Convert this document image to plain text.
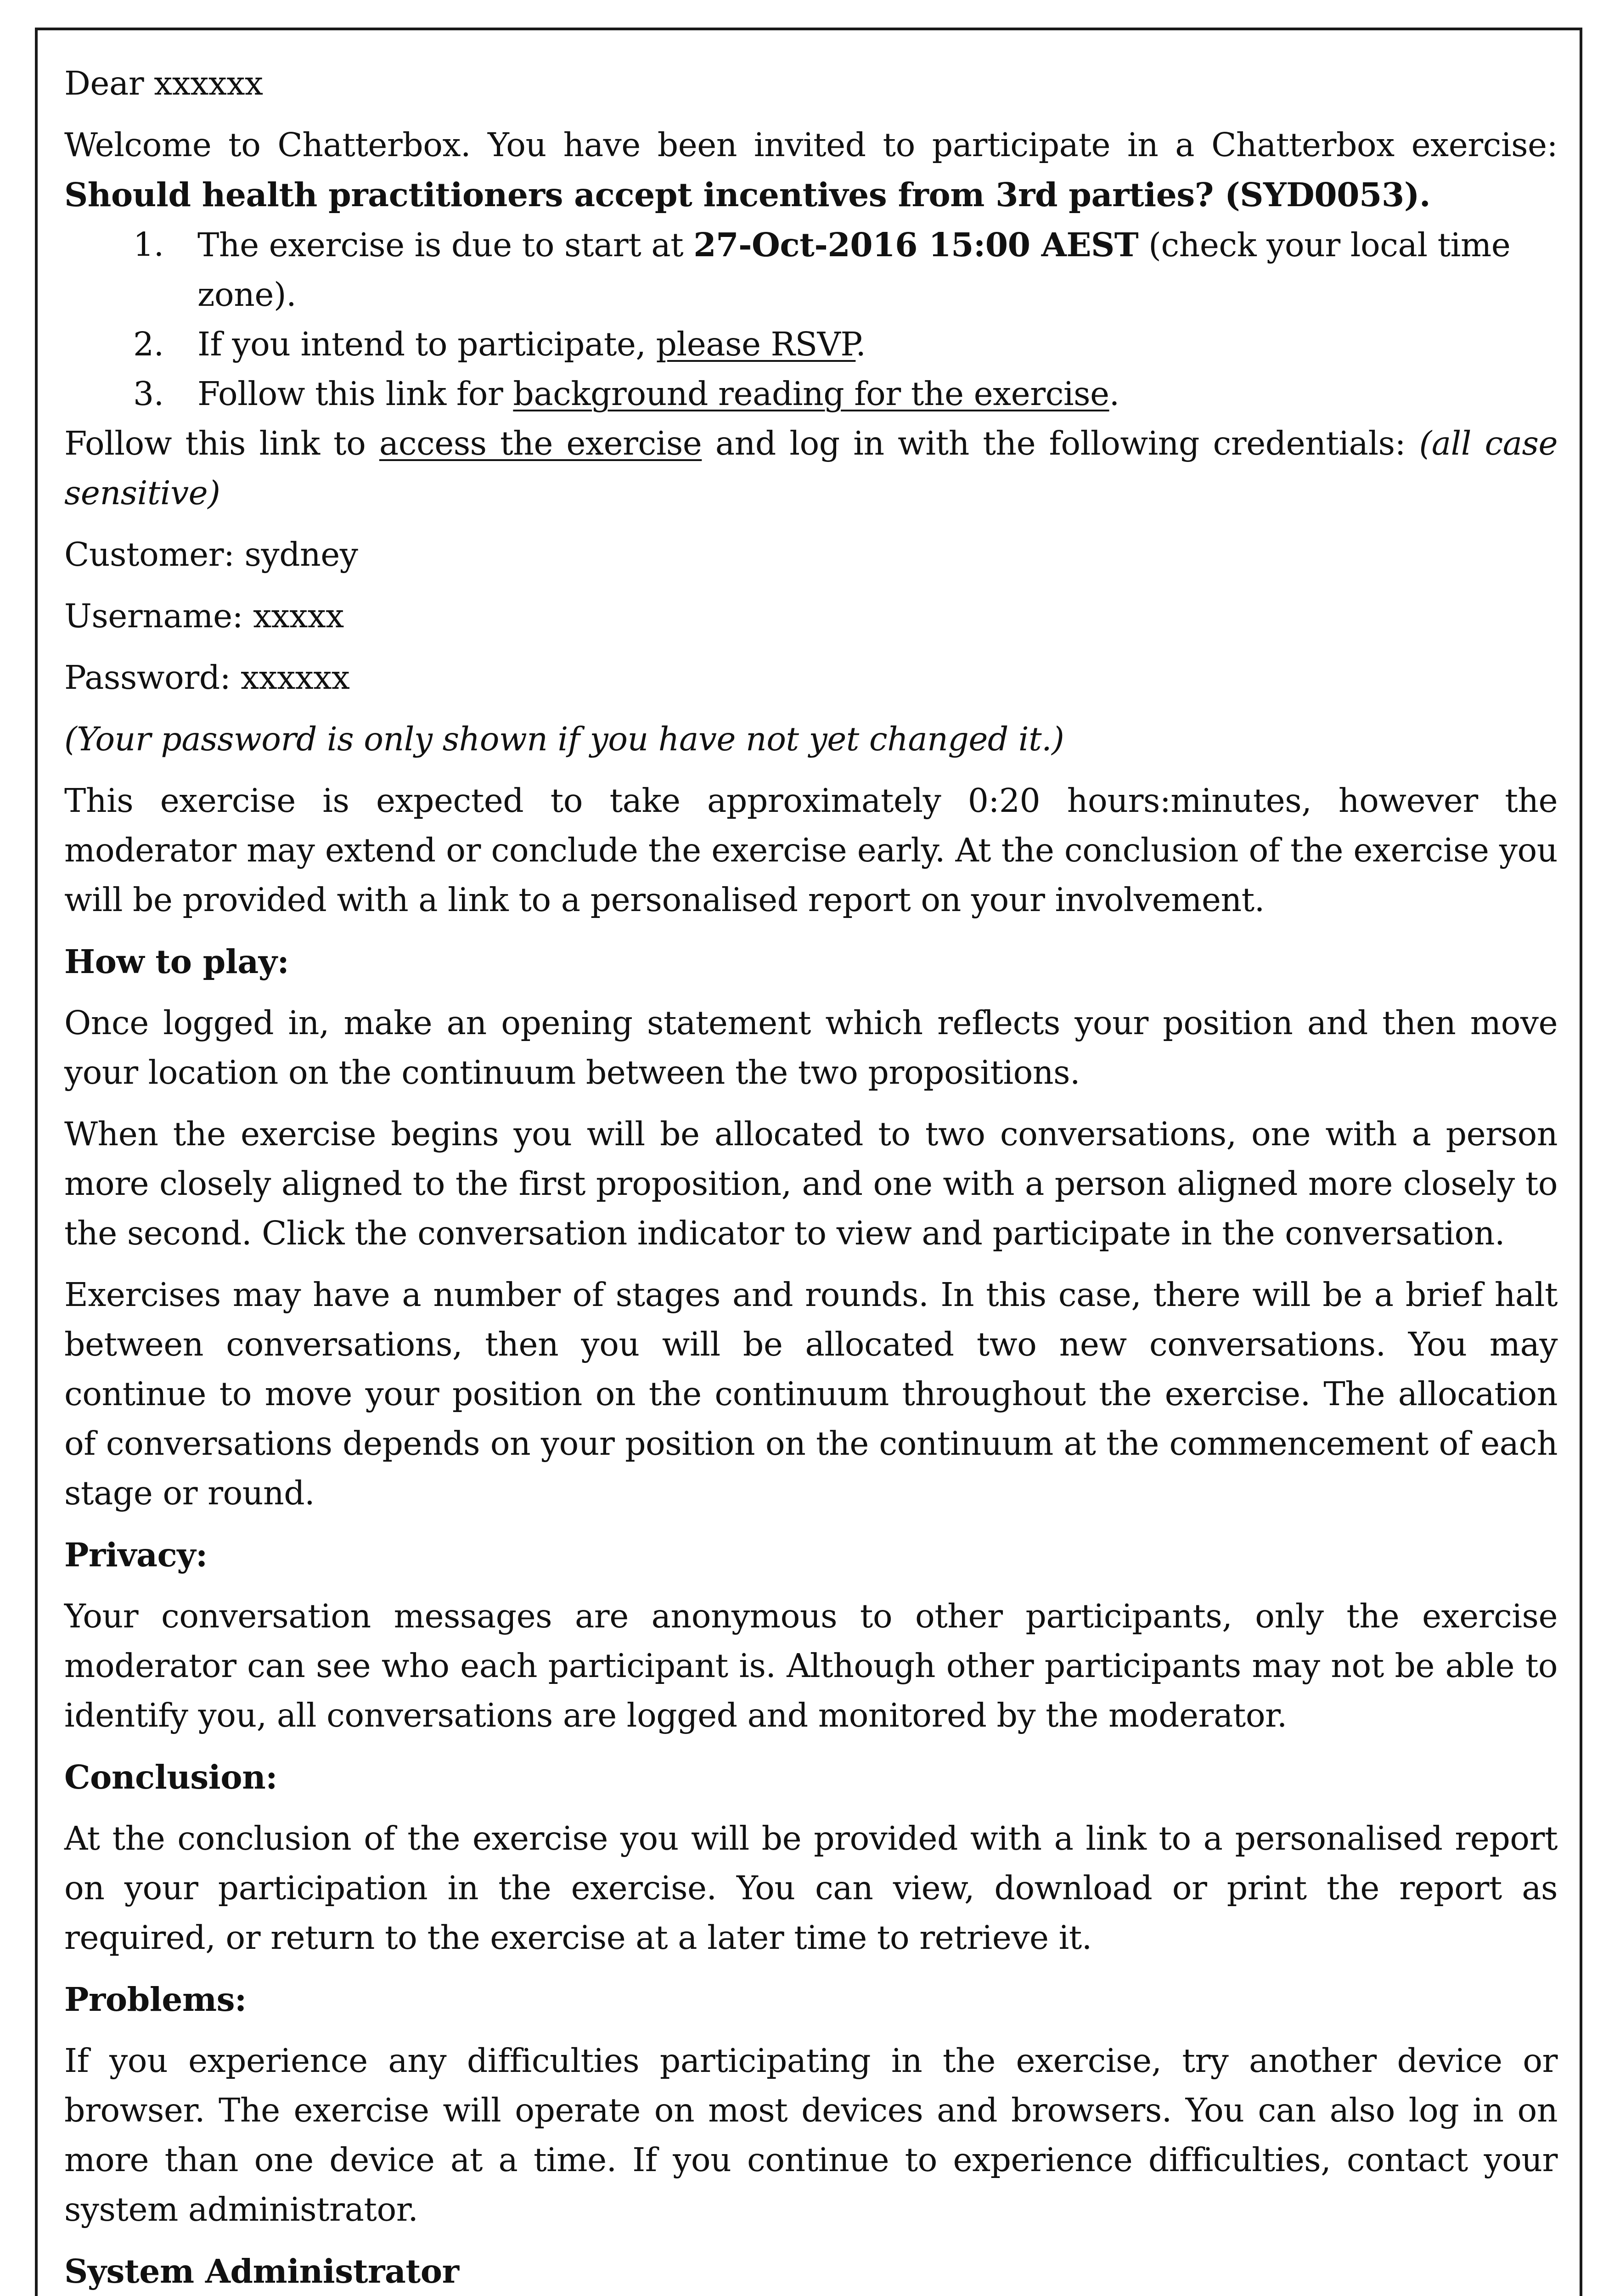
Dear xxxxxx

Welcome to Chatterbox. You have been invited to participate in a Chatterbox exercise: Should health practitioners accept incentives from 3rd parties? (SYD0053).

1.	The exercise is due to start at 27-Oct-2016 15:00 AEST (check your local time zone).
2.	If you intend to participate, please RSVP.
3.	Follow this link for background reading for the exercise.

Follow this link to access the exercise and log in with the following credentials: (all case sensitive)

Customer: sydney

Username: xxxxx

Password: xxxxxx

(Your password is only shown if you have not yet changed it.)

This exercise is expected to take approximately 0:20 hours:minutes, however the moderator may extend or conclude the exercise early. At the conclusion of the exercise you will be provided with a link to a personalised report on your involvement.

How to play:

Once logged in, make an opening statement which reflects your position and then move your location on the continuum between the two propositions.

When the exercise begins you will be allocated to two conversations, one with a person more closely aligned to the first proposition, and one with a person aligned more closely to the second. Click the conversation indicator to view and participate in the conversation.

Exercises may have a number of stages and rounds. In this case, there will be a brief halt between conversations, then you will be allocated two new conversations. You may continue to move your position on the continuum throughout the exercise. The allocation of conversations depends on your position on the continuum at the commencement of each stage or round.

Privacy:

Your conversation messages are anonymous to other participants, only the exercise moderator can see who each participant is. Although other participants may not be able to identify you, all conversations are logged and monitored by the moderator.

Conclusion:

At the conclusion of the exercise you will be provided with a link to a personalised report on your participation in the exercise. You can view, download or print the report as required, or return to the exercise at a later time to retrieve it.

Problems:

If you experience any difficulties participating in the exercise, try another device or browser. The exercise will operate on most devices and browsers. You can also log in on more than one device at a time. If you continue to experience difficulties, contact your system administrator.

System Administrator
